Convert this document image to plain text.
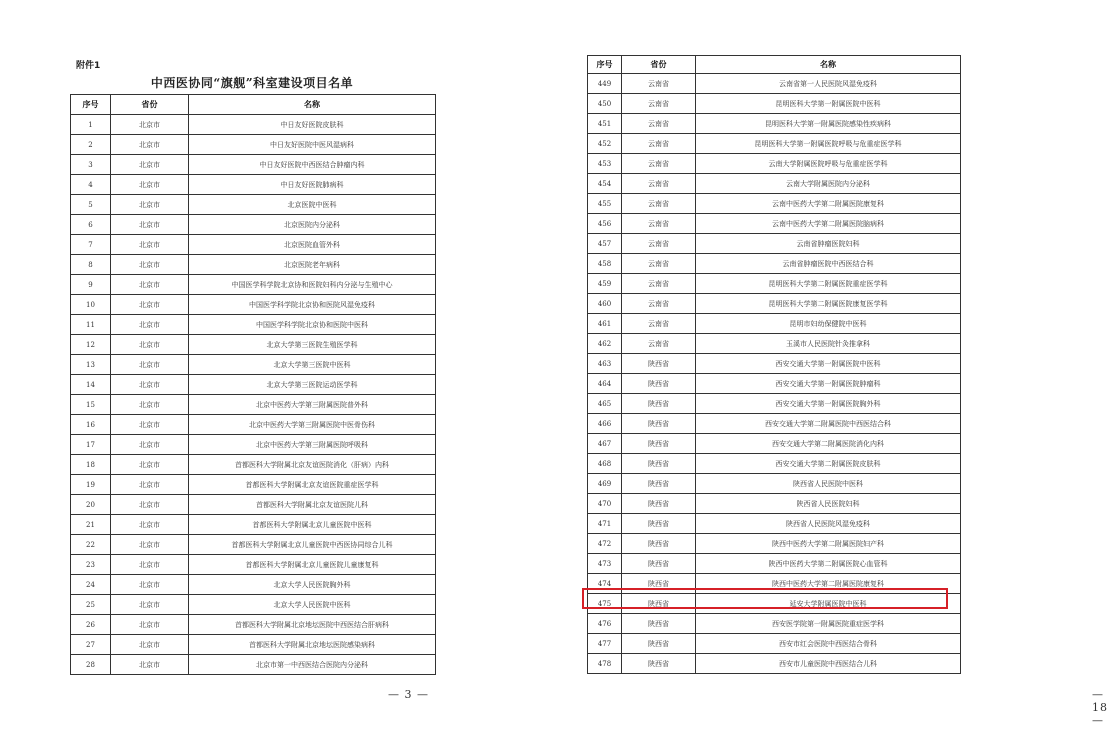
附件1
中西医协同“旗舰”科室建设项目名单
序号	省份	名称
1	北京市	中日友好医院皮肤科
2	北京市	中日友好医院中医风湿病科
3	北京市	中日友好医院中西医结合肿瘤内科
4	北京市	中日友好医院肺病科
5	北京市	北京医院中医科
6	北京市	北京医院内分泌科
7	北京市	北京医院血管外科
8	北京市	北京医院老年病科
9	北京市	中国医学科学院北京协和医院妇科内分泌与生殖中心
10	北京市	中国医学科学院北京协和医院风湿免疫科
11	北京市	中国医学科学院北京协和医院中医科
12	北京市	北京大学第三医院生殖医学科
13	北京市	北京大学第三医院中医科
14	北京市	北京大学第三医院运动医学科
15	北京市	北京中医药大学第三附属医院普外科
16	北京市	北京中医药大学第三附属医院中医骨伤科
17	北京市	北京中医药大学第三附属医院呼吸科
18	北京市	首都医科大学附属北京友谊医院消化（肝病）内科
19	北京市	首都医科大学附属北京友谊医院重症医学科
20	北京市	首都医科大学附属北京友谊医院儿科
21	北京市	首都医科大学附属北京儿童医院中医科
22	北京市	首都医科大学附属北京儿童医院中西医协同综合儿科
23	北京市	首都医科大学附属北京儿童医院儿童康复科
24	北京市	北京大学人民医院胸外科
25	北京市	北京大学人民医院中医科
26	北京市	首都医科大学附属北京地坛医院中西医结合肝病科
27	北京市	首都医科大学附属北京地坛医院感染病科
28	北京市	北京市第一中西医结合医院内分泌科
— 3 —
序号	省份	名称
449	云南省	云南省第一人民医院风湿免疫科
450	云南省	昆明医科大学第一附属医院中医科
451	云南省	昆明医科大学第一附属医院感染性疾病科
452	云南省	昆明医科大学第一附属医院呼吸与危重症医学科
453	云南省	云南大学附属医院呼吸与危重症医学科
454	云南省	云南大学附属医院内分泌科
455	云南省	云南中医药大学第二附属医院康复科
456	云南省	云南中医药大学第二附属医院脑病科
457	云南省	云南省肿瘤医院妇科
458	云南省	云南省肿瘤医院中西医结合科
459	云南省	昆明医科大学第二附属医院重症医学科
460	云南省	昆明医科大学第二附属医院康复医学科
461	云南省	昆明市妇幼保健院中医科
462	云南省	玉溪市人民医院针灸推拿科
463	陕西省	西安交通大学第一附属医院中医科
464	陕西省	西安交通大学第一附属医院肿瘤科
465	陕西省	西安交通大学第一附属医院胸外科
466	陕西省	西安交通大学第二附属医院中西医结合科
467	陕西省	西安交通大学第二附属医院消化内科
468	陕西省	西安交通大学第二附属医院皮肤科
469	陕西省	陕西省人民医院中医科
470	陕西省	陕西省人民医院妇科
471	陕西省	陕西省人民医院风湿免疫科
472	陕西省	陕西中医药大学第二附属医院妇产科
473	陕西省	陕西中医药大学第二附属医院心血管科
474	陕西省	陕西中医药大学第二附属医院康复科
475	陕西省	延安大学附属医院中医科
476	陕西省	西安医学院第一附属医院重症医学科
477	陕西省	西安市红会医院中西医结合骨科
478	陕西省	西安市儿童医院中西医结合儿科
— 18 —
